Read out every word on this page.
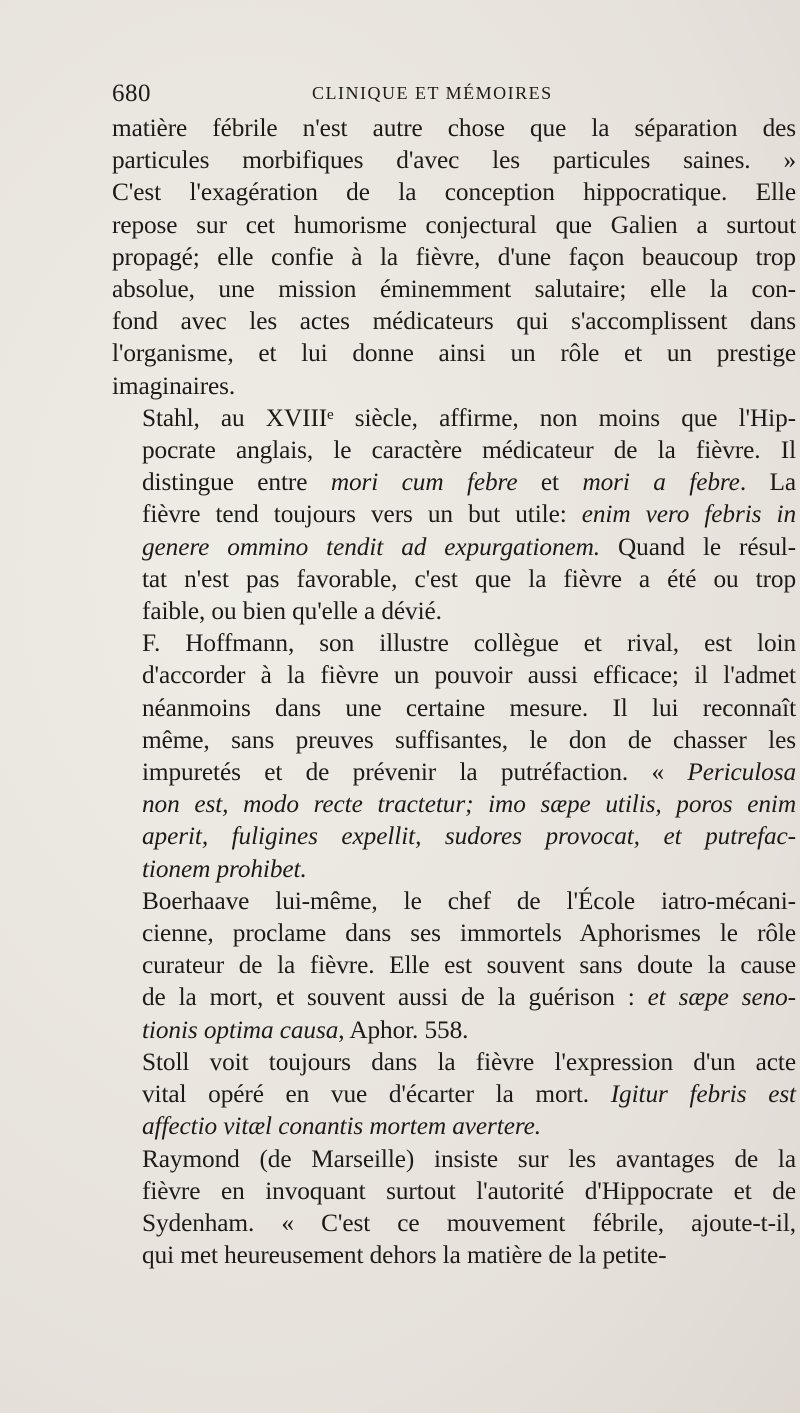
680	CLINIQUE ET MÉMOIRES

matière fébrile n'est autre chose que la séparation des
particules morbifiques d'avec les particules saines. »
C'est l'exagération de la conception hippocratique. Elle
repose sur cet humorisme conjectural que Galien a surtout
propagé; elle confie à la fièvre, d'une façon beaucoup trop
absolue, une mission éminemment salutaire; elle la con-
fond avec les actes médicateurs qui s'accomplissent dans
l'organisme, et lui donne ainsi un rôle et un prestige
imaginaires.

Stahl, au XVIIIᵉ siècle, affirme, non moins que l'Hip-
pocrate anglais, le caractère médicateur de la fièvre. Il
distingue entre mori cum febre et mori a febre. La
fièvre tend toujours vers un but utile: enim vero febris in
genere ommino tendit ad expurgationem. Quand le résul-
tat n'est pas favorable, c'est que la fièvre a été ou trop
faible, ou bien qu'elle a dévié.

F. Hoffmann, son illustre collègue et rival, est loin
d'accorder à la fièvre un pouvoir aussi efficace; il l'admet
néanmoins dans une certaine mesure. Il lui reconnaît
même, sans preuves suffisantes, le don de chasser les
impuretés et de prévenir la putréfaction. « Periculosa
non est, modo recte tractetur; imo sæpe utilis, poros enim
aperit, fuligines expellit, sudores provocat, et putrefac-
tionem prohibet.

Boerhaave lui-même, le chef de l'École iatro-mécani-
cienne, proclame dans ses immortels Aphorismes le rôle
curateur de la fièvre. Elle est souvent sans doute la cause
de la mort, et souvent aussi de la guérison : et sæpe seno-
tionis optima causa, Aphor. 558.

Stoll voit toujours dans la fièvre l'expression d'un acte
vital opéré en vue d'écarter la mort. Igitur febris est
affectio vitæl conantis mortem avertere.

Raymond (de Marseille) insiste sur les avantages de la
fièvre en invoquant surtout l'autorité d'Hippocrate et de
Sydenham. « C'est ce mouvement fébrile, ajoute-t-il,
qui met heureusement dehors la matière de la petite-
